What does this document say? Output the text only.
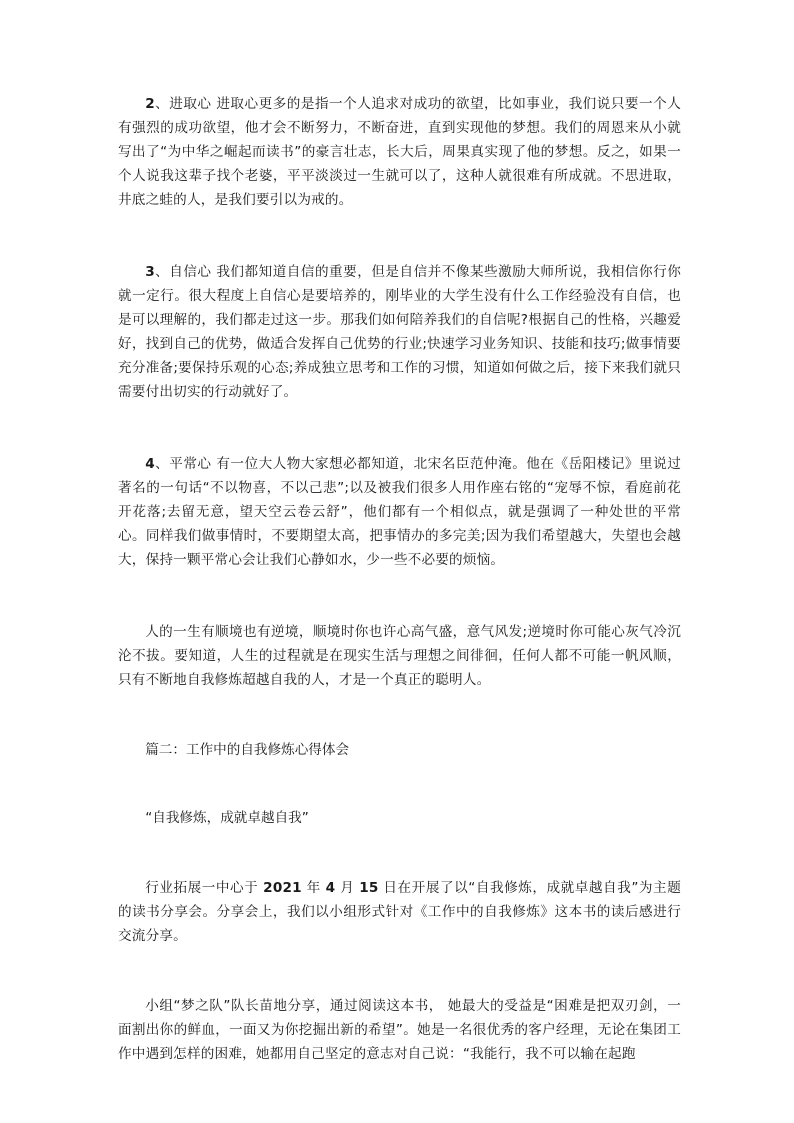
2、进取心 进取心更多的是指一个人追求对成功的欲望，比如事业，我们说只要一个人有强烈的成功欲望，他才会不断努力，不断奋进，直到实现他的梦想。我们的周恩来从小就写出了“为中华之崛起而读书”的豪言壮志，长大后，周果真实现了他的梦想。反之，如果一个人说我这辈子找个老婆，平平淡淡过一生就可以了，这种人就很难有所成就。不思进取，井底之蛙的人，是我们要引以为戒的。

3、自信心 我们都知道自信的重要，但是自信并不像某些激励大师所说，我相信你行你就一定行。很大程度上自信心是要培养的，刚毕业的大学生没有什么工作经验没有自信，也是可以理解的，我们都走过这一步。那我们如何陪养我们的自信呢?根据自己的性格，兴趣爱好，找到自己的优势，做适合发挥自己优势的行业;快速学习业务知识、技能和技巧;做事情要充分准备;要保持乐观的心态;养成独立思考和工作的习惯，知道如何做之后，接下来我们就只需要付出切实的行动就好了。

4、平常心 有一位大人物大家想必都知道，北宋名臣范仲淹。他在《岳阳楼记》里说过著名的一句话“不以物喜，不以己悲”;以及被我们很多人用作座右铭的“宠辱不惊，看庭前花开花落;去留无意，望天空云卷云舒”，他们都有一个相似点，就是强调了一种处世的平常心。同样我们做事情时，不要期望太高，把事情办的多完美;因为我们希望越大，失望也会越大，保持一颗平常心会让我们心静如水，少一些不必要的烦恼。

人的一生有顺境也有逆境，顺境时你也许心高气盛，意气风发;逆境时你可能心灰气冷沉沦不拔。要知道，人生的过程就是在现实生活与理想之间徘徊，任何人都不可能一帆风顺，只有不断地自我修炼超越自我的人，才是一个真正的聪明人。

篇二：工作中的自我修炼心得体会

“自我修炼，成就卓越自我”

行业拓展一中心于 2021 年 4 月 15 日在开展了以“自我修炼，成就卓越自我”为主题的读书分享会。分享会上，我们以小组形式针对《工作中的自我修炼》这本书的读后感进行交流分享。

小组“梦之队”队长苗地分享，通过阅读这本书， 她最大的受益是“困难是把双刃剑，一面割出你的鲜血，一面又为你挖掘出新的希望”。她是一名很优秀的客户经理，无论在集团工作中遇到怎样的困难，她都用自己坚定的意志对自己说：“我能行，我不可以输在起跑
